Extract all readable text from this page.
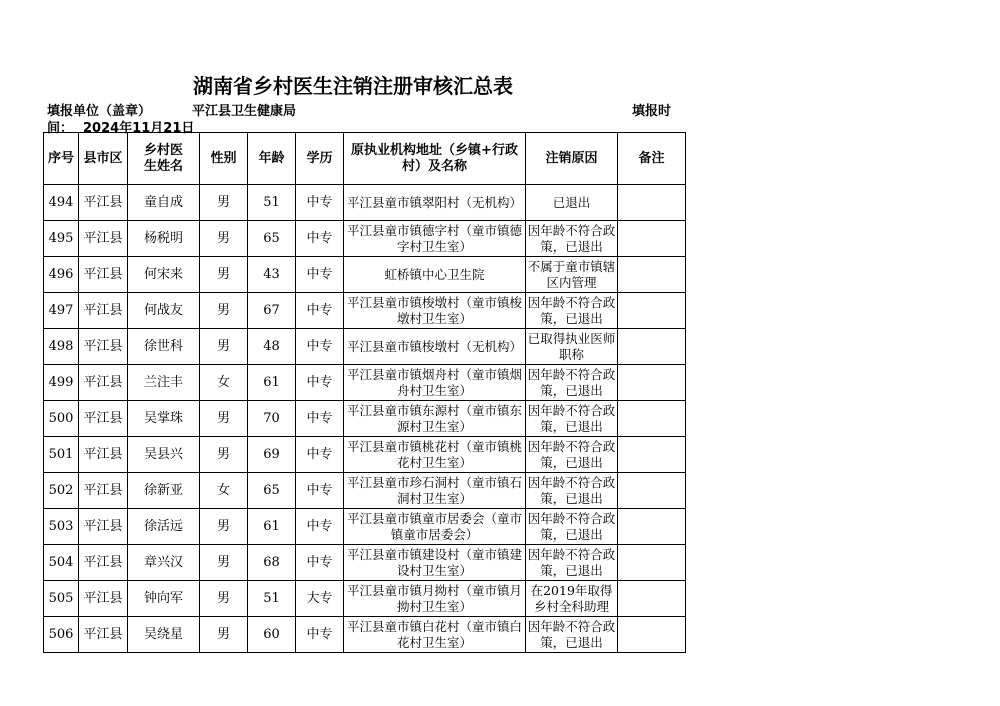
湖南省乡村医生注销注册审核汇总表
填报单位（盖章）	平江县卫生健康局	填报时
间： 2024年11月21日
序号	县市区	乡村医生姓名	性别	年龄	学历	原执业机构地址（乡镇+行政村）及名称	注销原因	备注
494	平江县	童自成	男	51	中专	平江县童市镇翠阳村（无机构）	已退出	
495	平江县	杨税明	男	65	中专	平江县童市镇德字村（童市镇德字村卫生室）	因年龄不符合政策，已退出	
496	平江县	何宋来	男	43	中专	虹桥镇中心卫生院	不属于童市镇辖区内管理	
497	平江县	何战友	男	67	中专	平江县童市镇梭墩村（童市镇梭墩村卫生室）	因年龄不符合政策，已退出	
498	平江县	徐世科	男	48	中专	平江县童市镇梭墩村（无机构）	已取得执业医师职称	
499	平江县	兰注丰	女	61	中专	平江县童市镇烟舟村（童市镇烟舟村卫生室）	因年龄不符合政策，已退出	
500	平江县	吴掌珠	男	70	中专	平江县童市镇东源村（童市镇东源村卫生室）	因年龄不符合政策，已退出	
501	平江县	吴县兴	男	69	中专	平江县童市镇桃花村（童市镇桃花村卫生室）	因年龄不符合政策，已退出	
502	平江县	徐新亚	女	65	中专	平江县童市珍石洞村（童市镇石洞村卫生室）	因年龄不符合政策，已退出	
503	平江县	徐活远	男	61	中专	平江县童市镇童市居委会（童市镇童市居委会）	因年龄不符合政策，已退出	
504	平江县	章兴汉	男	68	中专	平江县童市镇建设村（童市镇建设村卫生室）	因年龄不符合政策，已退出	
505	平江县	钟向军	男	51	大专	平江县童市镇月拗村（童市镇月拗村卫生室）	在2019年取得乡村全科助理	
506	平江县	吴绕星	男	60	中专	平江县童市镇白花村（童市镇白花村卫生室）	因年龄不符合政策，已退出	
